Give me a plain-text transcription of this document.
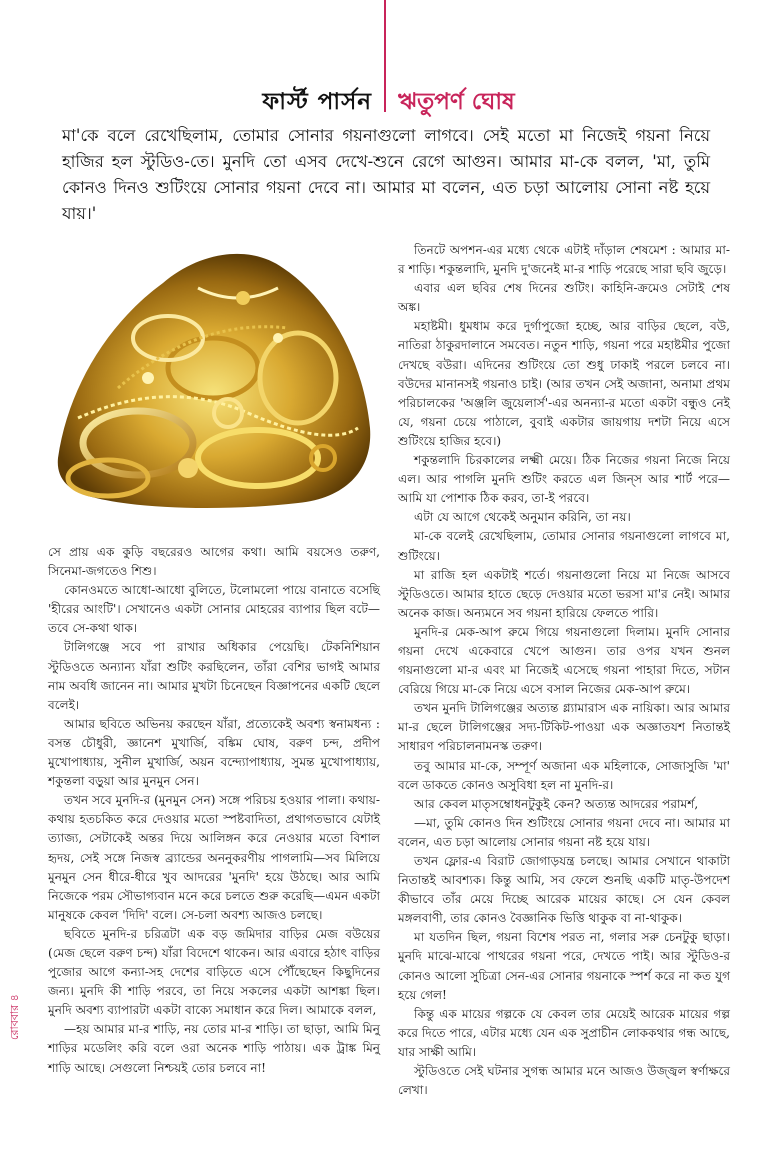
ফার্স্ট পার্সন ঋতুপর্ণ ঘোষ
মা'কে বলে রেখেছিলাম, তোমার সোনার গয়নাগুলো লাগবে। সেই মতো মা নিজেই গয়না নিয়ে হাজির হল স্টুডিও-তে। মুনদি তো এসব দেখে-শুনে রেগে আগুন। আমার মা-কে বলল, 'মা, তুমি কোনও দিনও শুটিংয়ে সোনার গয়না দেবে না। আমার মা বলেন, এত চড়া আলোয় সোনা নষ্ট হয়ে যায়।'

সে প্রায় এক কুড়ি বছরেরও আগের কথা। আমি বয়সেও তরুণ, সিনেমা-জগতেও শিশু।

কোনওমতে আধো-আধো বুলিতে, টলোমলো পায়ে বানাতে বসেছি 'হীরের আংটি'। সেখানেও একটা সোনার মোহরের ব্যাপার ছিল বটে—তবে সে-কথা থাক।

টালিগঞ্জে সবে পা রাখার অধিকার পেয়েছি। টেকনিশিয়ান স্টুডিওতে অন্যান্য যাঁরা শুটিং করছিলেন, তাঁরা বেশির ভাগই আমার নাম অবধি জানেন না। আমার মুখটা চিনেছেন বিজ্ঞাপনের একটি ছেলে বলেই।

আমার ছবিতে অভিনয় করছেন যাঁরা, প্রত্যেকেই অবশ্য স্বনামধন্য : বসন্ত চৌধুরী, জ্ঞানেশ মুখার্জি, বঙ্কিম ঘোষ, বরুণ চন্দ, প্রদীপ মুখোপাধ্যায়, সুনীল মুখার্জি, অয়ন বন্দ্যোপাধ্যায়, সুমন্ত মুখোপাধ্যায়, শকুন্তলা বড়ুয়া আর মুনমুন সেন।

তখন সবে মুনদি-র (মুনমুন সেন) সঙ্গে পরিচয় হওয়ার পালা। কথায়-কথায় হতচকিত করে দেওয়ার মতো স্পষ্টবাদিতা, প্রথাগতভাবে যেটাই ত্যাজ্য, সেটাকেই অন্তর দিয়ে আলিঙ্গন করে নেওয়ার মতো বিশাল হৃদয়, সেই সঙ্গে নিজস্ব ব্র্যান্ডের অননুকরণীয় পাগলামি—সব মিলিয়ে মুনমুন সেন ধীরে-ধীরে খুব আদরের 'মুনদি' হয়ে উঠছে। আর আমি নিজেকে পরম সৌভাগ্যবান মনে করে চলতে শুরু করেছি—এমন একটা মানুষকে কেবল 'দিদি' বলে। সে-চলা অবশ্য আজও চলছে।

ছবিতে মুনদি-র চরিত্রটা এক বড় জমিদার বাড়ির মেজ বউয়ের (মেজ ছেলে বরুণ চন্দ) যাঁরা বিদেশে থাকেন। আর এবারে হঠাৎ বাড়ির পুজোর আগে কন্যা-সহ দেশের বাড়িতে এসে পৌঁছেছেন কিছুদিনের জন্য। মুনদি কী শাড়ি পরবে, তা নিয়ে সকলের একটা আশঙ্কা ছিল। মুনদি অবশ্য ব্যাপারটা একটা বাক্যে সমাধান করে দিল। আমাকে বলল,

—হয় আমার মা-র শাড়ি, নয় তোর মা-র শাড়ি। তা ছাড়া, আমি মিনু শাড়ির মডেলিং করি বলে ওরা অনেক শাড়ি পাঠায়। এক ট্রাঙ্ক মিনু শাড়ি আছে। সেগুলো নিশ্চয়ই তোর চলবে না!

তিনটে অপশন-এর মধ্যে থেকে এটাই দাঁড়াল শেষমেশ : আমার মা-র শাড়ি। শকুন্তলাদি, মুনদি দু'জনেই মা-র শাড়ি পরেছে সারা ছবি জুড়ে।

এবার এল ছবির শেষ দিনের শুটিং। কাহিনি-ক্রমেও সেটাই শেষ অঙ্ক।

মহাষ্টমী। ধুমধাম করে দুর্গাপুজো হচ্ছে, আর বাড়ির ছেলে, বউ, নাতিরা ঠাকুরদালানে সমবেত। নতুন শাড়ি, গয়না পরে মহাষ্টমীর পুজো দেখছে বউরা। এদিনের শুটিংয়ে তো শুধু ঢাকাই পরলে চলবে না। বউদের মানানসই গয়নাও চাই। (আর তখন সেই অজানা, অনামা প্রথম পরিচালকের 'অঞ্জলি জুয়েলার্স'-এর অনন্যা-র মতো একটা বন্ধুও নেই যে, গয়না চেয়ে পাঠালে, বুবাই একটার জায়গায় দশটা নিয়ে এসে শুটিংয়ে হাজির হবে।)

শকুন্তলাদি চিরকালের লক্ষ্মী মেয়ে। ঠিক নিজের গয়না নিজে নিয়ে এল। আর পাগলি মুনদি শুটিং করতে এল জিন্‌স আর শার্ট পরে—আমি যা পোশাক ঠিক করব, তা-ই পরবে।

এটা যে আগে থেকেই অনুমান করিনি, তা নয়।

মা-কে বলেই রেখেছিলাম, তোমার সোনার গয়নাগুলো লাগবে মা, শুটিংয়ে।

মা রাজি হল একটাই শর্তে। গয়নাগুলো নিয়ে মা নিজে আসবে স্টুডিওতে। আমার হাতে ছেড়ে দেওয়ার মতো ভরসা মা'র নেই। আমার অনেক কাজ। অন্যমনে সব গয়না হারিয়ে ফেলতে পারি।

মুনদি-র মেক-আপ রুমে গিয়ে গয়নাগুলো দিলাম। মুনদি সোনার গয়না দেখে একেবারে খেপে আগুন। তার ওপর যখন শুনল গয়নাগুলো মা-র এবং মা নিজেই এসেছে গয়না পাহারা দিতে, সটান বেরিয়ে গিয়ে মা-কে নিয়ে এসে বসাল নিজের মেক-আপ রুমে।

তখন মুনদি টালিগঞ্জের অত্যন্ত গ্ল্যামারাস এক নায়িকা। আর আমার মা-র ছেলে টালিগঞ্জের সদ্য-টিকিট-পাওয়া এক অজ্ঞাতযশ নিতান্তই সাধারণ পরিচালনামনস্ক তরুণ।

তবু আমার মা-কে, সম্পূর্ণ অজানা এক মহিলাকে, সোজাসুজি 'মা' বলে ডাকতে কোনও অসুবিধা হল না মুনদি-র।

আর কেবল মাতৃসম্বোধনটুকুই কেন? অত্যন্ত আদরের পরামর্শ,

—মা, তুমি কোনও দিন শুটিংয়ে সোনার গয়না দেবে না। আমার মা বলেন, এত চড়া আলোয় সোনার গয়না নষ্ট হয়ে যায়।

তখন ফ্লোর-এ বিরাট জোগাড়যন্ত্র চলছে। আমার সেখানে থাকাটা নিতান্তই আবশ্যক। কিন্তু আমি, সব ফেলে শুনছি একটি মাতৃ-উপদেশ কীভাবে তাঁর মেয়ে দিচ্ছে আরেক মায়ের কাছে। সে যেন কেবল মঙ্গলবাণী, তার কোনও বৈজ্ঞানিক ভিত্তি থাকুক বা না-থাকুক।

মা যতদিন ছিল, গয়না বিশেষ পরত না, গলার সরু চেনটুকু ছাড়া। মুনদি মাঝে-মাঝে পাথরের গয়না পরে, দেখতে পাই। আর স্টুডিও-র কোনও আলো সুচিত্রা সেন-এর সোনার গয়নাকে স্পর্শ করে না কত যুগ হয়ে গেল!

কিন্তু এক মায়ের গল্পকে যে কেবল তার মেয়েই আরেক মায়ের গল্প করে দিতে পারে, এটার মধ্যে যেন এক সুপ্রাচীন লোককথার গন্ধ আছে, যার সাক্ষী আমি।

স্টুডিওতে সেই ঘটনার সুগন্ধ আমার মনে আজও উজ্জ্বল স্বর্ণাক্ষরে লেখা।

রোববার ৪
